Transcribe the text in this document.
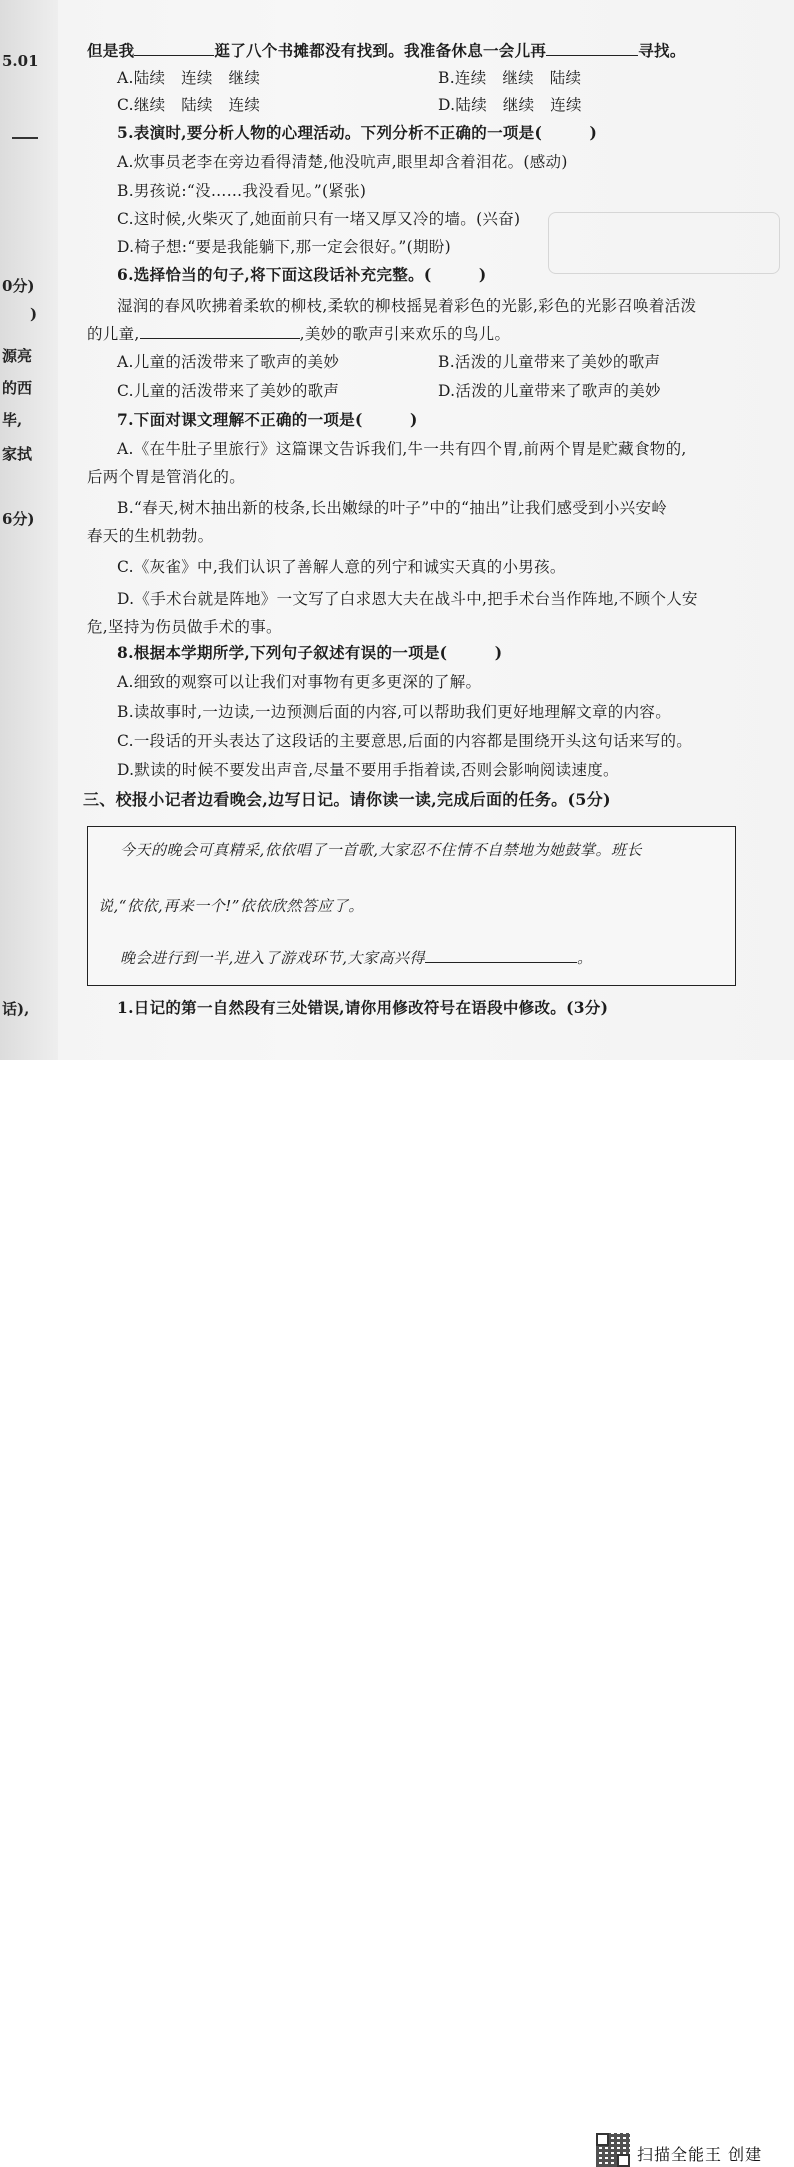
5.01
0分)
)
源亮
的西
毕,
家拭
6分)
话),
但是我	逛了八个书摊都没有找到。我准备休息一会儿再	寻找。
A.陆续　连续　继续	B.连续　继续　陆续
C.继续　陆续　连续	D.陆续　继续　连续
5.表演时,要分析人物的心理活动。下列分析不正确的一项是(　　　)
A.炊事员老李在旁边看得清楚,他没吭声,眼里却含着泪花。(感动)
B.男孩说:“没……我没看见。”(紧张)
C.这时候,火柴灭了,她面前只有一堵又厚又冷的墙。(兴奋)
D.椅子想:“要是我能躺下,那一定会很好。”(期盼)
6.选择恰当的句子,将下面这段话补充完整。(　　　)
湿润的春风吹拂着柔软的柳枝,柔软的柳枝摇晃着彩色的光影,彩色的光影召唤着活泼
的儿童,	,美妙的歌声引来欢乐的鸟儿。
A.儿童的活泼带来了歌声的美妙	B.活泼的儿童带来了美妙的歌声
C.儿童的活泼带来了美妙的歌声	D.活泼的儿童带来了歌声的美妙
7.下面对课文理解不正确的一项是(　　　)
A.《在牛肚子里旅行》这篇课文告诉我们,牛一共有四个胃,前两个胃是贮藏食物的,
后两个胃是管消化的。
B.“春天,树木抽出新的枝条,长出嫩绿的叶子”中的“抽出”让我们感受到小兴安岭
春天的生机勃勃。
C.《灰雀》中,我们认识了善解人意的列宁和诚实天真的小男孩。
D.《手术台就是阵地》一文写了白求恩大夫在战斗中,把手术台当作阵地,不顾个人安
危,坚持为伤员做手术的事。
8.根据本学期所学,下列句子叙述有误的一项是(　　　)
A.细致的观察可以让我们对事物有更多更深的了解。
B.读故事时,一边读,一边预测后面的内容,可以帮助我们更好地理解文章的内容。
C.一段话的开头表达了这段话的主要意思,后面的内容都是围绕开头这句话来写的。
D.默读的时候不要发出声音,尽量不要用手指着读,否则会影响阅读速度。
三、校报小记者边看晚会,边写日记。请你读一读,完成后面的任务。(5分)
今天的晚会可真精采,依依唱了一首歌,大家忍不住情不自禁地为她鼓掌。班长
说,“依依,再来一个!”依依欣然答应了。
晚会进行到一半,进入了游戏环节,大家高兴得	。
1.日记的第一自然段有三处错误,请你用修改符号在语段中修改。(3分)
扫描全能王 创建
